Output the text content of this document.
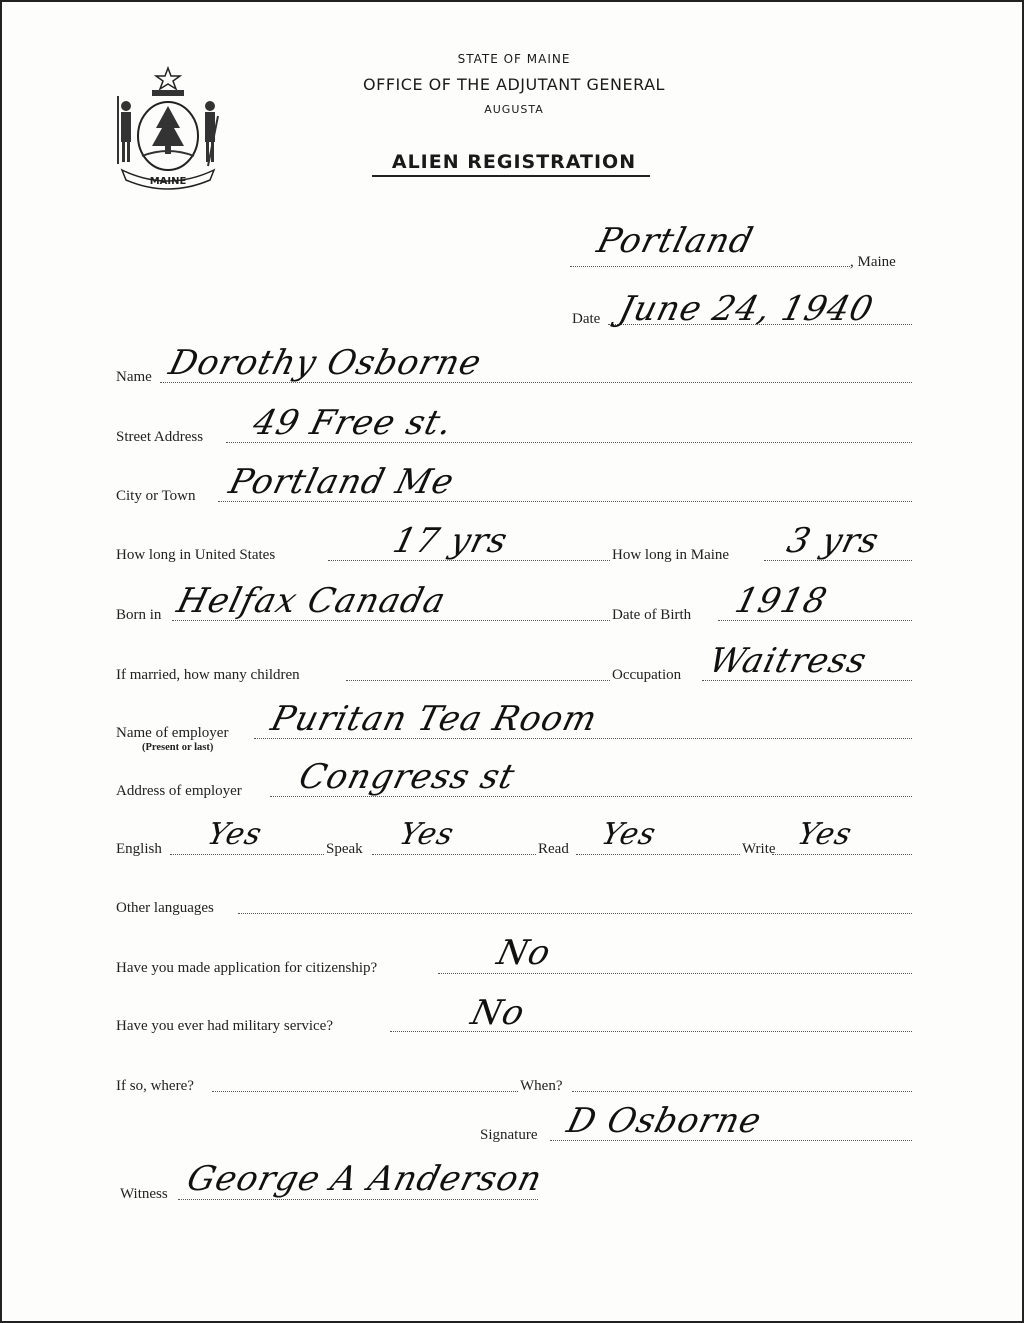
MAINE
STATE OF MAINE
OFFICE OF THE ADJUTANT GENERAL
AUGUSTA
ALIEN REGISTRATION
Portland
, Maine
Date June 24, 1940
Name Dorothy Osborne
Street Address 49 Free st.
City or Town Portland Me
How long in United States	17 yrs	How long in Maine 3 yrs
Born in Helfax Canada	Date of Birth 1918
If married, how many children	Occupation Waitress
Name of employer
(Present or last)
Puritan Tea Room
Address of employer Congress st
English Yes	Speak Yes	Read Yes	Write Yes
Other languages
Have you made application for citizenship?	No
Have you ever had military service?	No
If so, where?	When?
Signature D Osborne
Witness George A Anderson
